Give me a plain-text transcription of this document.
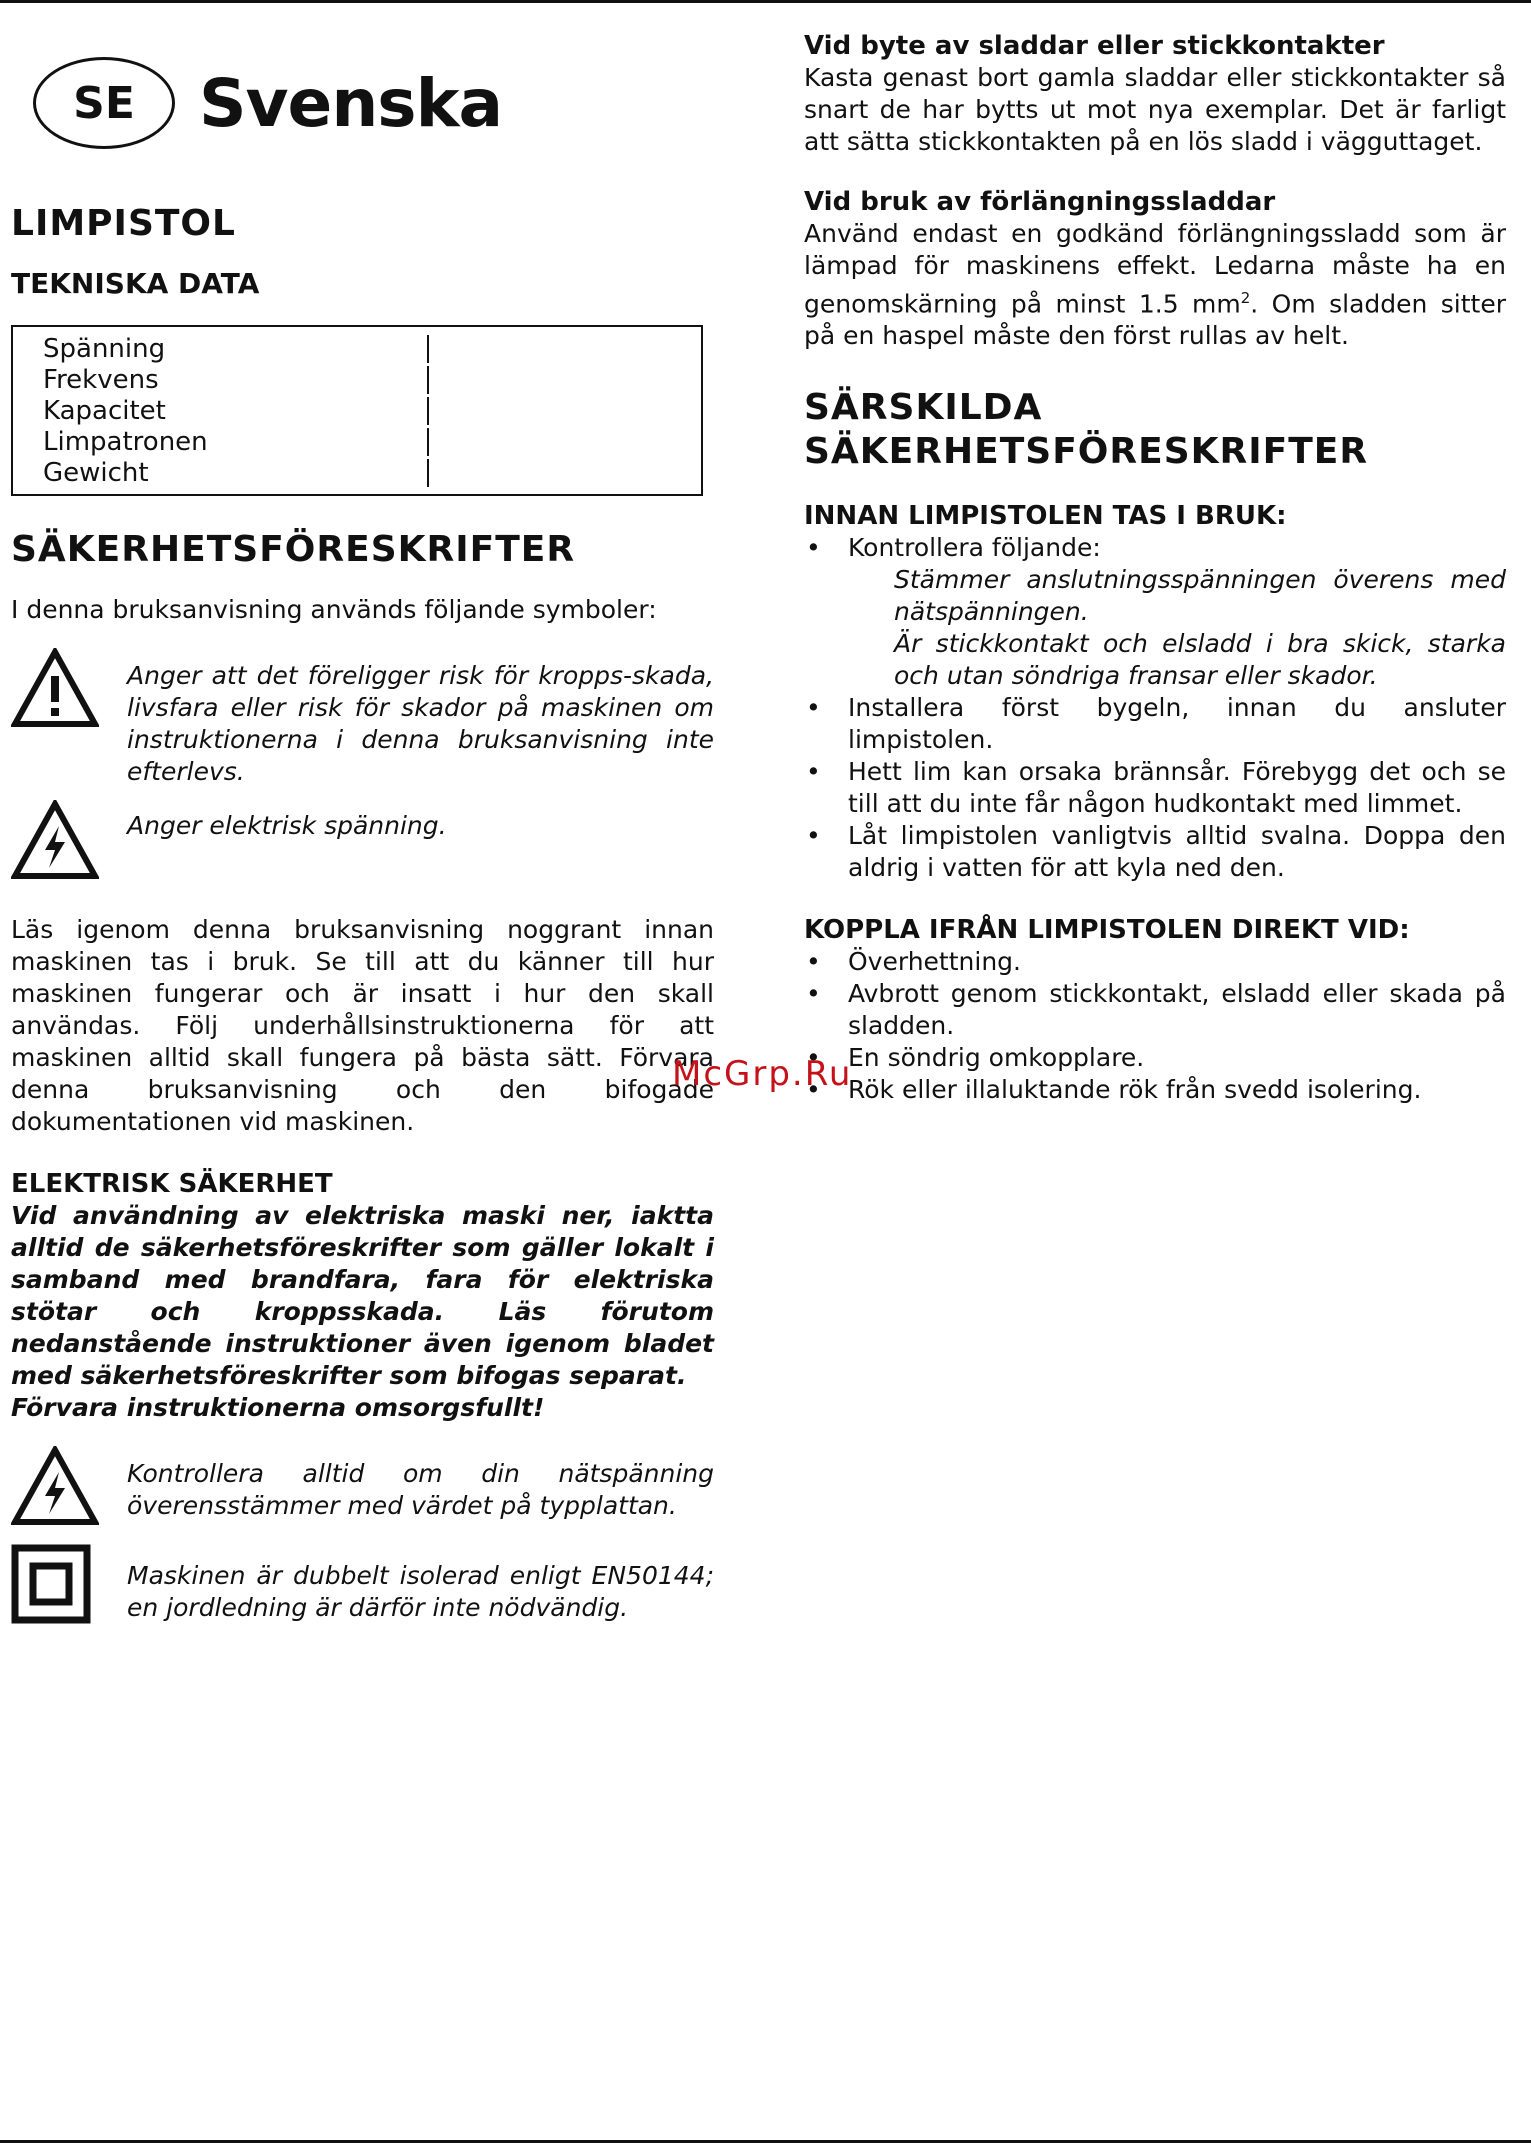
SE Svenska
LIMPISTOL
TEKNISKA DATA
Spänning
Frekvens
Kapacitet
Limpatronen
Gewicht
SÄKERHETSFÖRESKRIFTER

I denna bruksanvisning används följande symboler:

Anger att det föreligger risk för kropps-skada, livsfara eller risk för skador på maskinen om instruktionerna i denna bruksanvisning inte efterlevs.
Anger elektrisk spänning.

Läs igenom denna bruksanvisning noggrant innan maskinen tas i bruk. Se till att du känner till hur maskinen fungerar och är insatt i hur den skall användas. Följ underhållsinstruktionerna för att maskinen alltid skall fungera på bästa sätt. Förvara denna bruksanvisning och den bifogade dokumentationen vid maskinen.

ELEKTRISK SÄKERHET

Vid användning av elektriska maski ner, iaktta alltid de säkerhetsföreskrifter som gäller lokalt i samband med brandfara, fara för elektriska stötar och kroppsskada. Läs förutom nedanstående instruktioner även igenom bladet med säkerhetsföreskrifter som bifogas separat.

Förvara instruktionerna omsorgsfullt!

Kontrollera alltid om din nätspänning överensstämmer med värdet på typplattan.
Maskinen är dubbelt isolerad enligt EN50144; en jordledning är därför inte nödvändig.
Vid byte av sladdar eller stickkontakter

Kasta genast bort gamla sladdar eller stickkontakter så snart de har bytts ut mot nya exemplar. Det är farligt att sätta stickkontakten på en lös sladd i vägguttaget.

Vid bruk av förlängningssladdar

Använd endast en godkänd förlängningssladd som är lämpad för maskinens effekt. Ledarna måste ha en genomskärning på minst 1.5 $mm^2$. Om sladden sitter på en haspel måste den först rullas av helt.

SÄRSKILDA
SÄKERHETSFÖRESKRIFTER
INNAN LIMPISTOLEN TAS I BRUK:
• Kontrollera följande:
Stämmer anslutningsspänningen överens med nätspänningen.
Är stickkontakt och elsladd i bra skick, starka och utan söndriga fransar eller skador.
• Installera först bygeln, innan du ansluter limpistolen.
• Hett lim kan orsaka brännsår. Förebygg det och se till att du inte får någon hudkontakt med limmet.
• Låt limpistolen vanligtvis alltid svalna. Doppa den aldrig i vatten för att kyla ned den.
KOPPLA IFRÅN LIMPISTOLEN DIREKT VID:
• Överhettning.
• Avbrott genom stickkontakt, elsladd eller skada på sladden.
• En söndrig omkopplare.
• Rök eller illaluktande rök från svedd isolering.
McGrp.Ru
